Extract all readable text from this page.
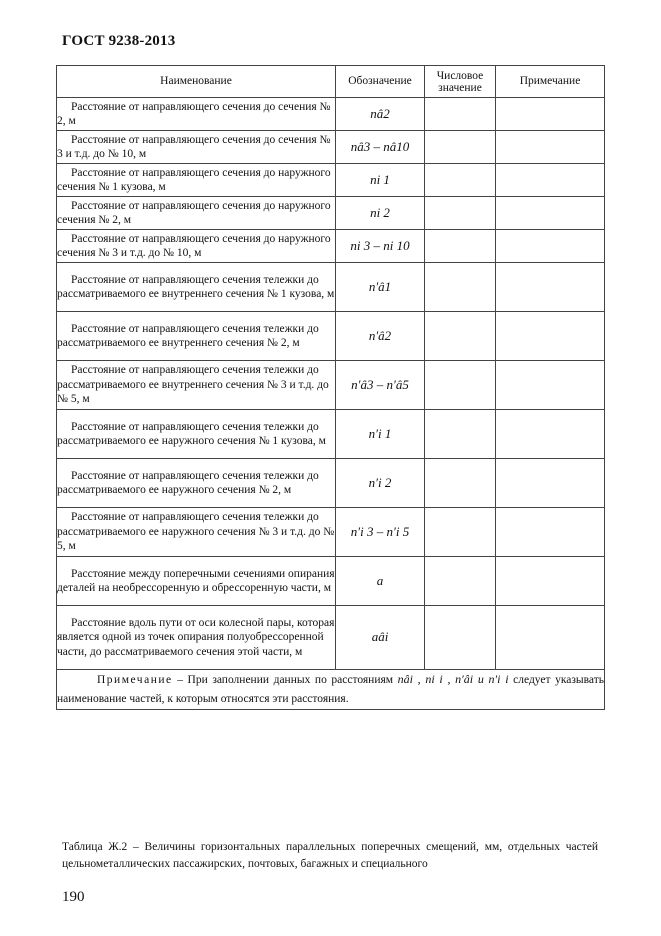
ГОСТ 9238-2013
Наименование	Обозначение	Числовое значение	Примечание

Расстояние от направляющего сечения до сечения № 2, м	nâ2		

Расстояние от направляющего сечения до сечения № 3 и т.д. до № 10, м	nâ3 – nâ10		

Расстояние от направляющего сечения до наружного сечения № 1 кузова, м	ni 1		

Расстояние от направляющего сечения до наружного сечения № 2, м	ni 2		

Расстояние от направляющего сечения до наружного сечения № 3 и т.д. до № 10, м	ni 3 – ni 10		

Расстояние от направляющего сечения тележки до рассматриваемого ее внутреннего сечения № 1 кузова, м	n′â1		

Расстояние от направляющего сечения тележки до рассматриваемого ее внутреннего сечения № 2, м	n′â2		

Расстояние от направляющего сечения тележки до рассматриваемого ее внутреннего сечения № 3 и т.д. до № 5, м	n′â3 – n′â5		

Расстояние от направляющего сечения тележки до рассматриваемого ее наружного сечения № 1 кузова, м	n′i 1		

Расстояние от направляющего сечения тележки до рассматриваемого ее наружного сечения № 2, м	n′i 2		

Расстояние от направляющего сечения тележки до рассматриваемого ее наружного сечения № 3 и т.д. до № 5, м	n′i 3 – n′i 5		

Расстояние между поперечными сечениями опирания деталей на необрессоренную и обрессоренную части, м	a		

Расстояние вдоль пути от оси колесной пары, которая является одной из точек опирания полуобрессоренной части, до рассматриваемого сечения этой части, м	aâi		
Примечание – При заполнении данных по расстояниям nâi , ni i , n′âi и n′i i следует указывать наименование частей, к которым относятся эти расстояния.			
Таблица Ж.2 – Величины горизонтальных параллельных поперечных смещений, мм, отдельных частей цельнометаллических пассажирских, почтовых, багажных и специального
190
